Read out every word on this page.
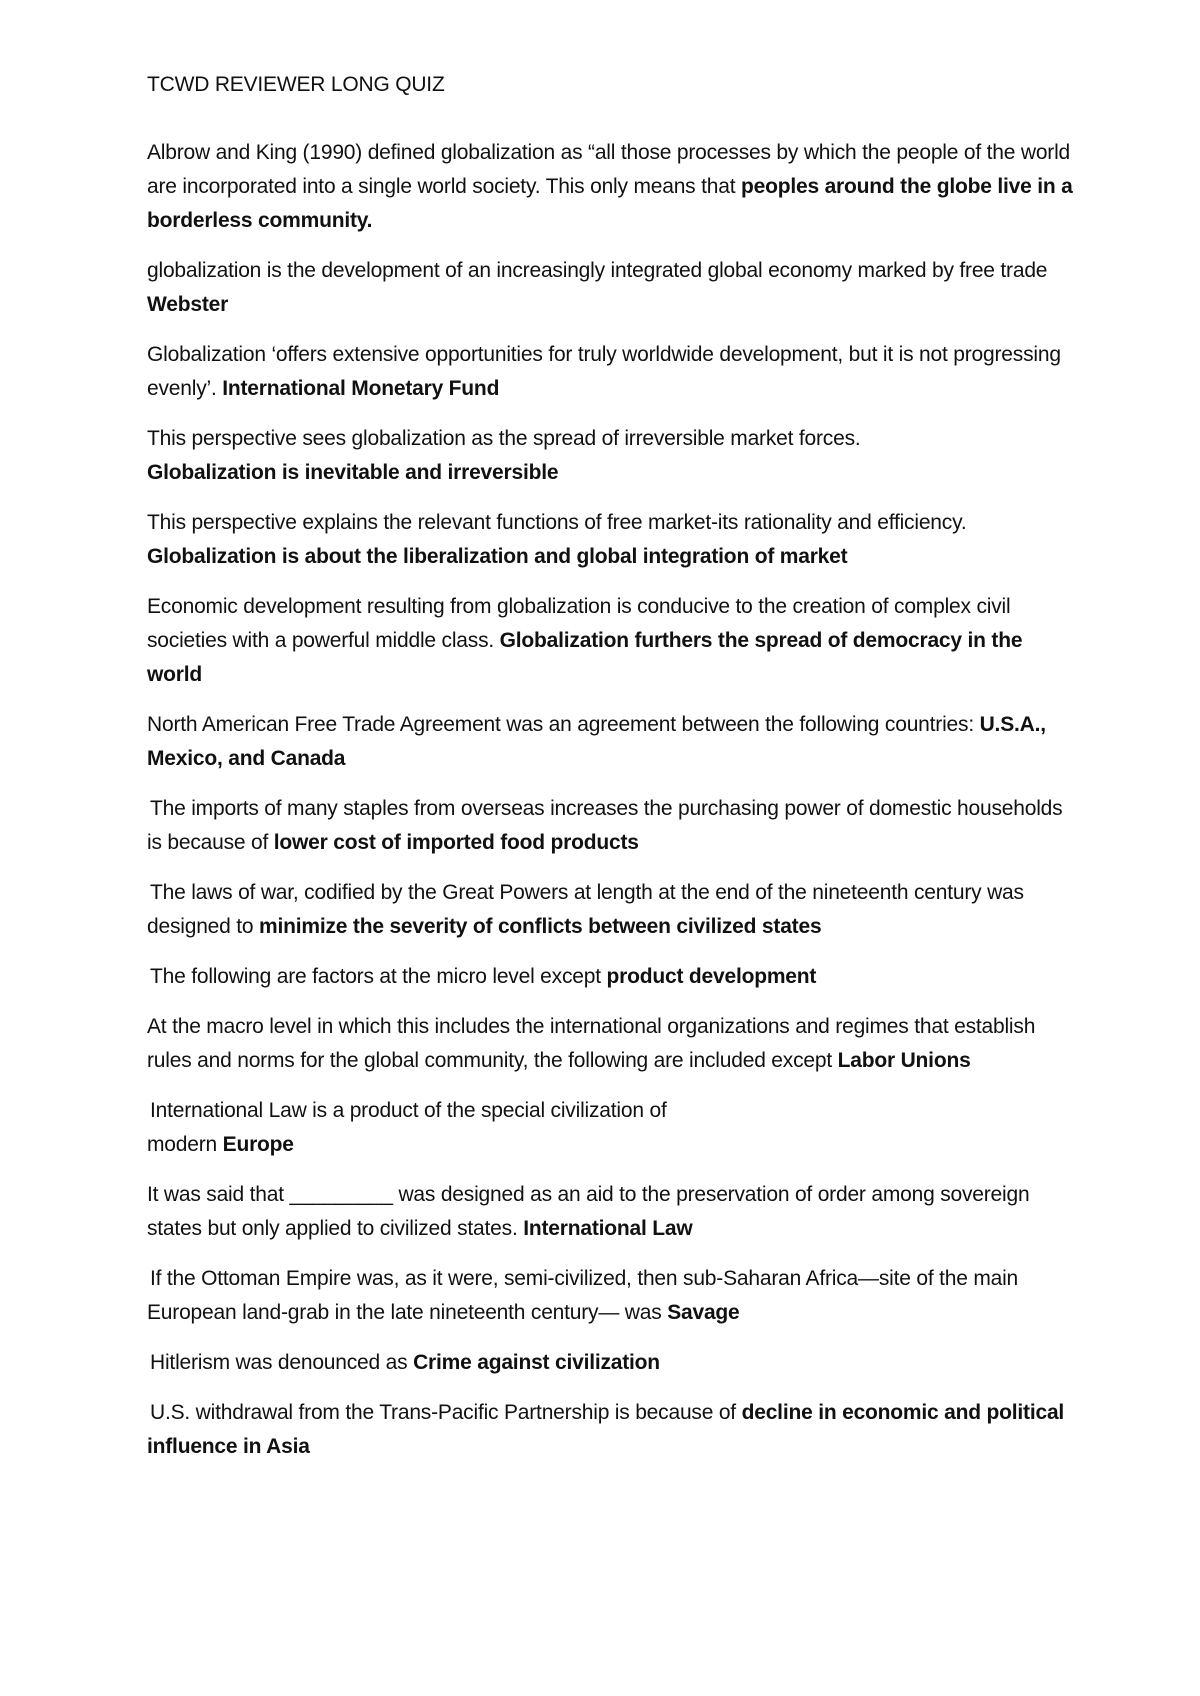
TCWD REVIEWER LONG QUIZ

Albrow and King (1990) defined globalization as “all those processes by which the people of the world are incorporated into a single world society. This only means that peoples around the globe live in a borderless community.

globalization is the development of an increasingly integrated global economy marked by free trade Webster

Globalization ‘offers extensive opportunities for truly worldwide development, but it is not progressing evenly’. International Monetary Fund

This perspective sees globalization as the spread of irreversible market forces.
Globalization is inevitable and irreversible

This perspective explains the relevant functions of free market-its rationality and efficiency. Globalization is about the liberalization and global integration of market

Economic development resulting from globalization is conducive to the creation of complex civil societies with a powerful middle class. Globalization furthers the spread of democracy in the world

North American Free Trade Agreement was an agreement between the following countries: U.S.A., Mexico, and Canada

The imports of many staples from overseas increases the purchasing power of domestic households is because of lower cost of imported food products

The laws of war, codified by the Great Powers at length at the end of the nineteenth century was designed to minimize the severity of conflicts between civilized states

The following are factors at the micro level except product development

At the macro level in which this includes the international organizations and regimes that establish rules and norms for the global community, the following are included except Labor Unions

International Law is a product of the special civilization of
modern Europe

It was said that _________ was designed as an aid to the preservation of order among sovereign states but only applied to civilized states. International Law

If the Ottoman Empire was, as it were, semi-civilized, then sub-Saharan Africa—site of the main European land-grab in the late nineteenth century— was Savage

Hitlerism was denounced as Crime against civilization

U.S. withdrawal from the Trans-Pacific Partnership is because of decline in economic and political influence in Asia
